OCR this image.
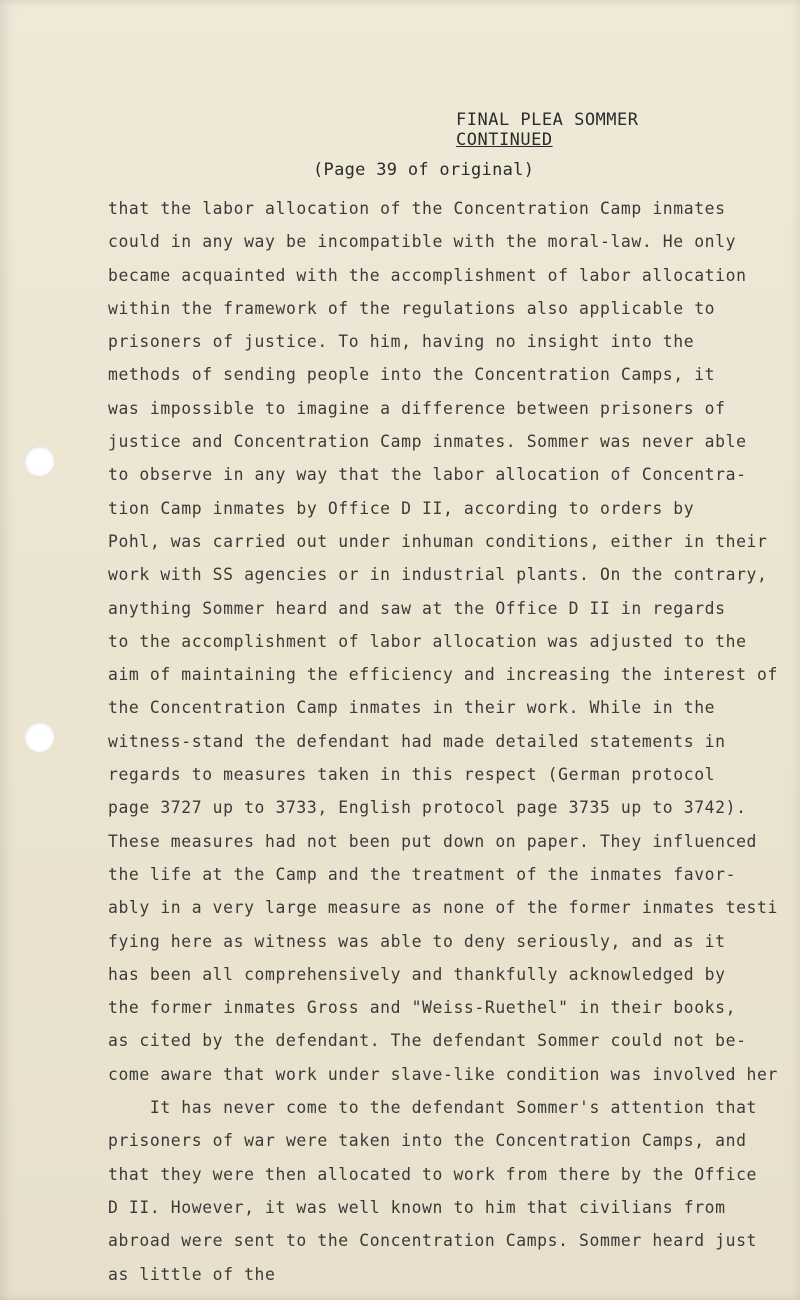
FINAL PLEA SOMMER
CONTINUED
(Page 39 of original)
that the labor allocation of the Concentration Camp inmates
could in any way be incompatible with the moral-law. He only
became acquainted with the accomplishment of labor allocation
within the framework of the regulations also applicable to
prisoners of justice. To him, having no insight into the
methods of sending people into the Concentration Camps, it
was impossible to imagine a difference between prisoners of
justice and Concentration Camp inmates. Sommer was never able
to observe in any way that the labor allocation of Concentra-
tion Camp inmates by Office D II, according to orders by
Pohl, was carried out under inhuman conditions, either in their
work with SS agencies or in industrial plants. On the contrary,
anything Sommer heard and saw at the Office D II in regards
to the accomplishment of labor allocation was adjusted to the
aim of maintaining the efficiency and increasing the interest of
the Concentration Camp inmates in their work. While in the
witness-stand the defendant had made detailed statements in
regards to measures taken in this respect (German protocol
page 3727 up to 3733, English protocol page 3735 up to 3742).
These measures had not been put down on paper. They influenced
the life at the Camp and the treatment of the inmates favor-
ably in a very large measure as none of the former inmates testi
fying here as witness was able to deny seriously, and as it
has been all comprehensively and thankfully acknowledged by
the former inmates Gross and "Weiss-Ruethel" in their books,
as cited by the defendant. The defendant Sommer could not be-
come aware that work under slave-like condition was involved her
It has never come to the defendant Sommer's attention that
prisoners of war were taken into the Concentration Camps, and
that they were then allocated to work from there by the Office
D II. However, it was well known to him that civilians from
abroad were sent to the Concentration Camps. Sommer heard just
as little of the
